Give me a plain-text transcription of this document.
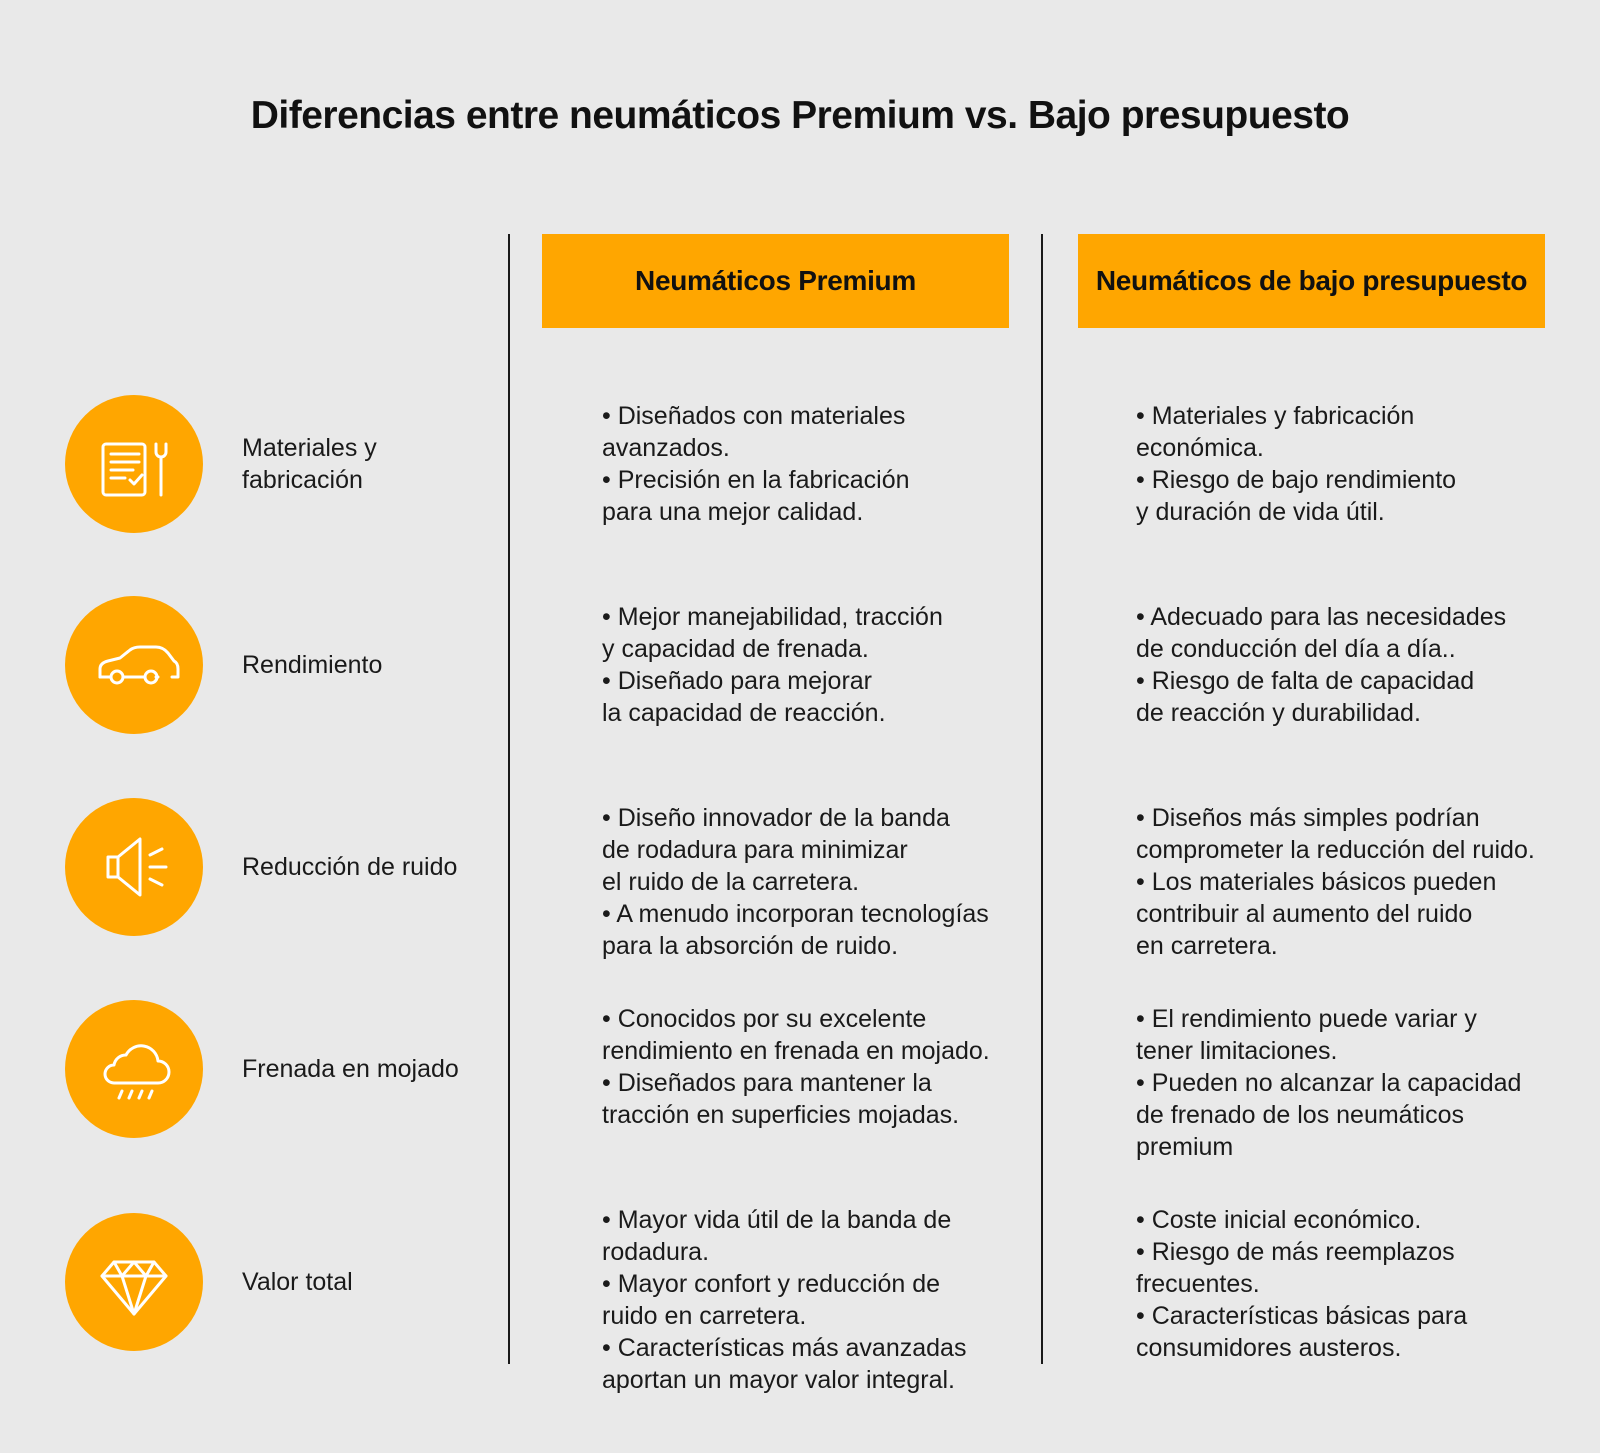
Diferencias entre neumáticos Premium vs. Bajo presupuesto
Neumáticos Premium	Neumáticos de bajo presupuesto
Materiales y
fabricación
• Diseñados con materiales
avanzados.
• Precisión en la fabricación
para una mejor calidad.
• Materiales y fabricación
económica.
• Riesgo de bajo rendimiento
y duración de vida útil.
Rendimiento
• Mejor manejabilidad, tracción
y capacidad de frenada.
• Diseñado para mejorar
la capacidad de reacción.
• Adecuado para las necesidades
de conducción del día a día..
• Riesgo de falta de capacidad
de reacción y durabilidad.
Reducción de ruido
• Diseño innovador de la banda
de rodadura para minimizar
el ruido de la carretera.
• A menudo incorporan tecnologías
para la absorción de ruido.
• Diseños más simples podrían
comprometer la reducción del ruido.
• Los materiales básicos pueden
contribuir al aumento del ruido
en carretera.
Frenada en mojado
• Conocidos por su excelente
rendimiento en frenada en mojado.
• Diseñados para mantener la
tracción en superficies mojadas.
• El rendimiento puede variar y
tener limitaciones.
• Pueden no alcanzar la capacidad
de frenado de los neumáticos
premium
Valor total
• Mayor vida útil de la banda de
rodadura.
• Mayor confort y reducción de
ruido en carretera.
• Características más avanzadas
aportan un mayor valor integral.
• Coste inicial económico.
• Riesgo de más reemplazos
frecuentes.
• Características básicas para
consumidores austeros.
